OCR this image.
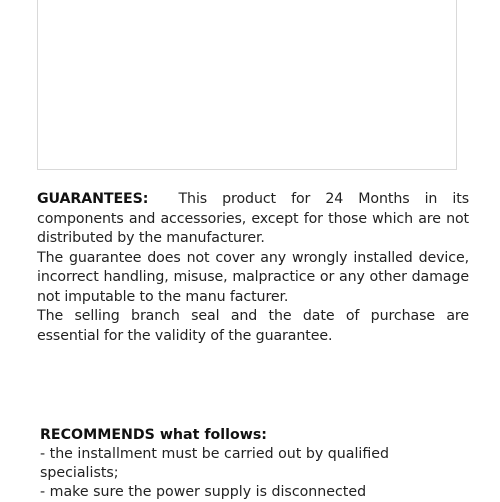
GUARANTEES: This product for 24 Months in its components and accessories, except for those which are not distributed by the manufacturer.

The guarantee does not cover any wrongly installed device, incorrect handling, misuse, malpractice or any other damage not imputable to the manu facturer.

The selling branch seal and the date of purchase are essential for the validity of the guarantee.

RECOMMENDS what follows:
- the installment must be carried out by qualified specialists;
- make sure the power supply is disconnected
